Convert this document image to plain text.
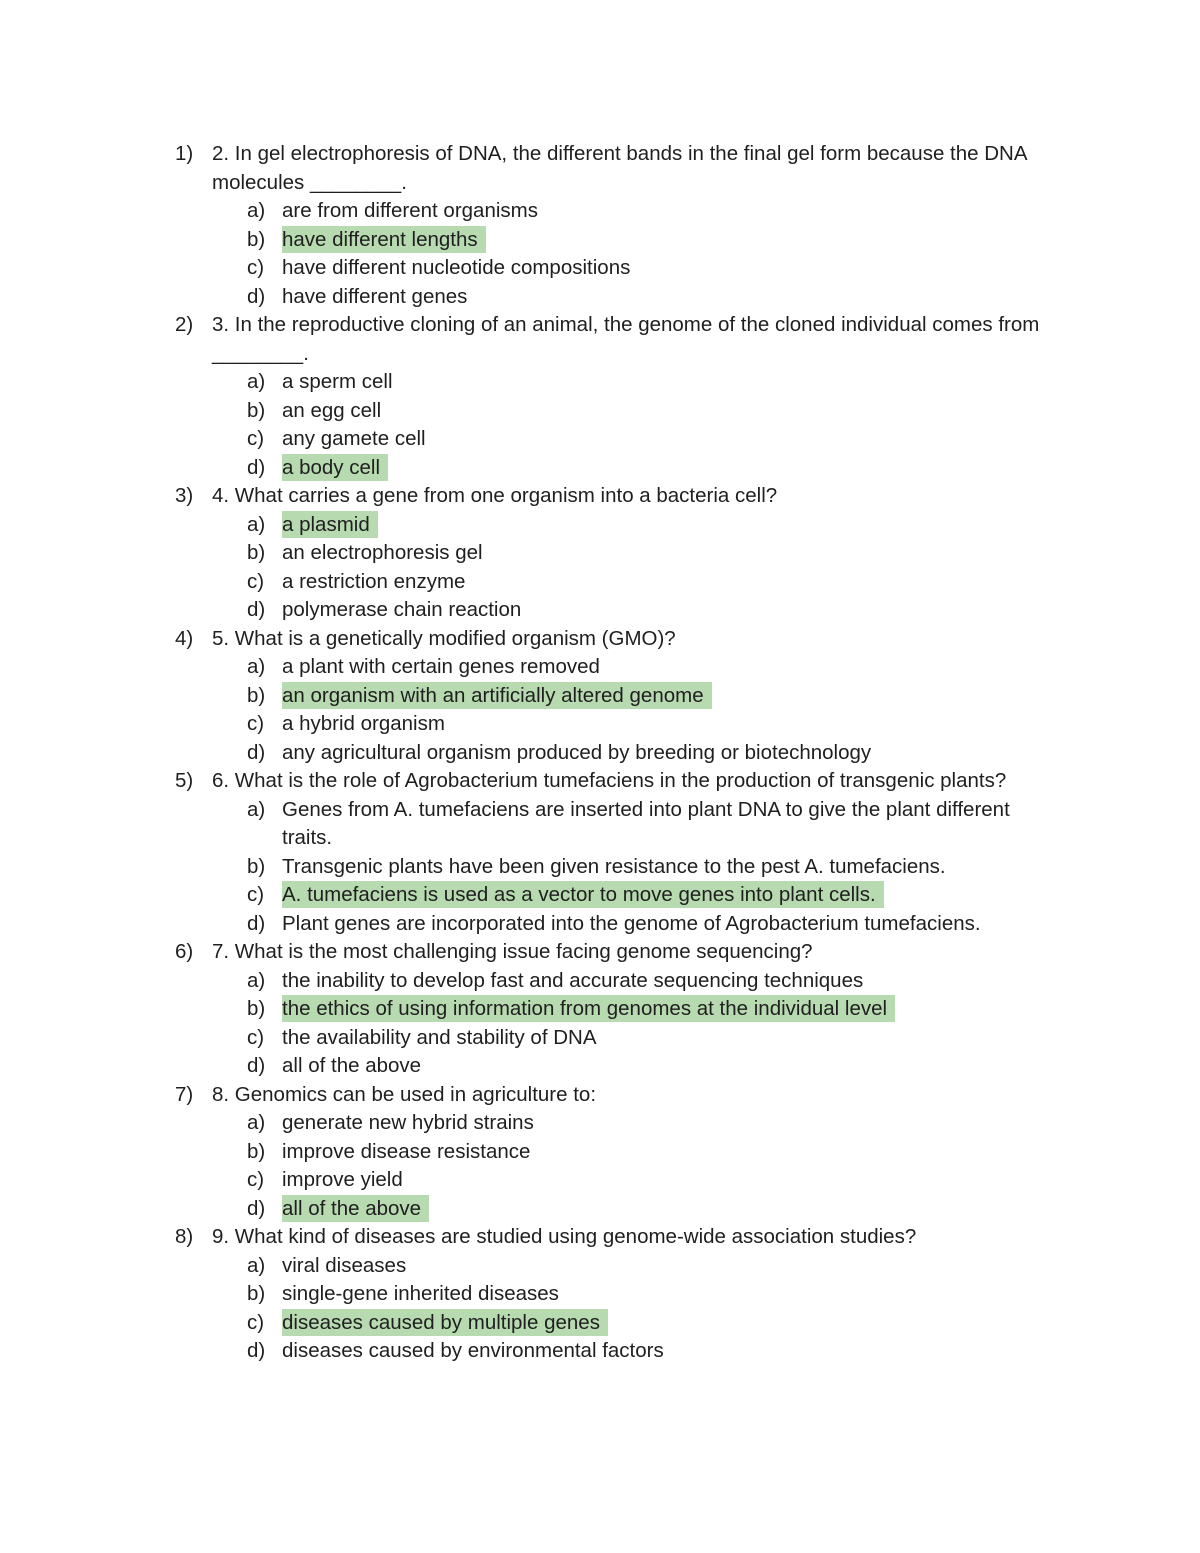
1) 2. In gel electrophoresis of DNA, the different bands in the final gel form because the DNA molecules ________.
a) are from different organisms
b) have different lengths
c) have different nucleotide compositions
d) have different genes
2) 3. In the reproductive cloning of an animal, the genome of the cloned individual comes from ________.
a) a sperm cell
b) an egg cell
c) any gamete cell
d) a body cell
3) 4. What carries a gene from one organism into a bacteria cell?
a) a plasmid
b) an electrophoresis gel
c) a restriction enzyme
d) polymerase chain reaction
4) 5. What is a genetically modified organism (GMO)?
a) a plant with certain genes removed
b) an organism with an artificially altered genome
c) a hybrid organism
d) any agricultural organism produced by breeding or biotechnology
5) 6. What is the role of Agrobacterium tumefaciens in the production of transgenic plants?
a) Genes from A. tumefaciens are inserted into plant DNA to give the plant different traits.
b) Transgenic plants have been given resistance to the pest A. tumefaciens.
c) A. tumefaciens is used as a vector to move genes into plant cells.
d) Plant genes are incorporated into the genome of Agrobacterium tumefaciens.
6) 7. What is the most challenging issue facing genome sequencing?
a) the inability to develop fast and accurate sequencing techniques
b) the ethics of using information from genomes at the individual level
c) the availability and stability of DNA
d) all of the above
7) 8. Genomics can be used in agriculture to:
a) generate new hybrid strains
b) improve disease resistance
c) improve yield
d) all of the above
8) 9. What kind of diseases are studied using genome-wide association studies?
a) viral diseases
b) single-gene inherited diseases
c) diseases caused by multiple genes
d) diseases caused by environmental factors
